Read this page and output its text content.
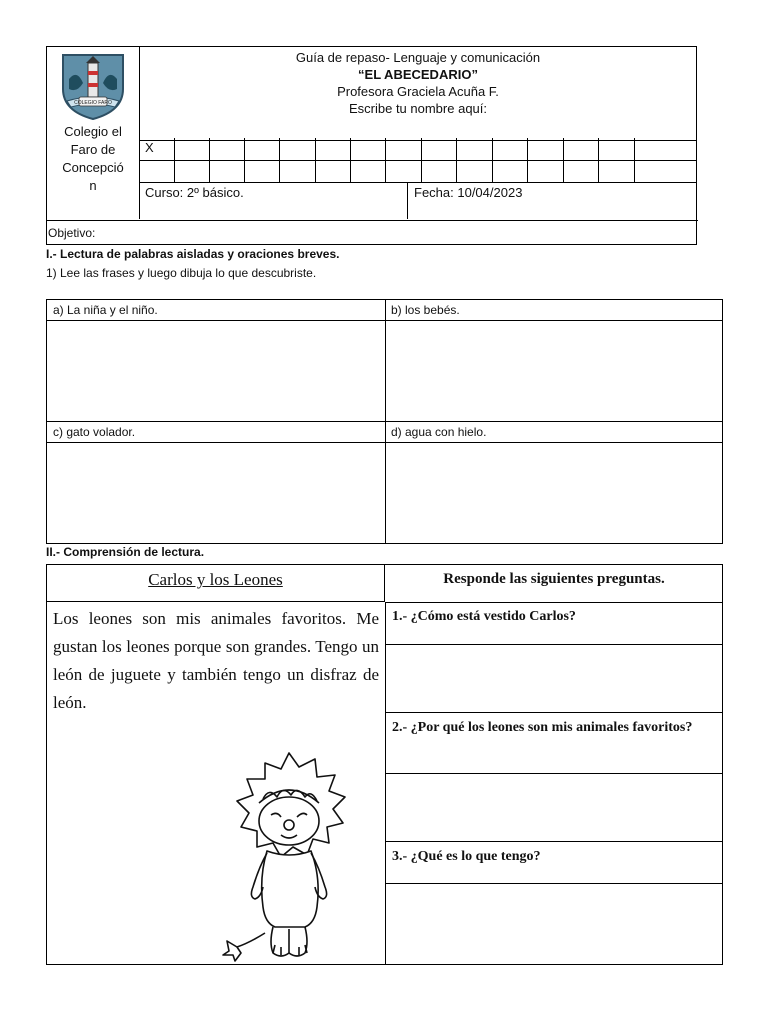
COLEGIO FARO
Colegio el
Faro de
Concepció
n
Guía de repaso- Lenguaje y comunicación
“EL ABECEDARIO”
Profesora Graciela Acuña F.
Escribe tu nombre aquí:
X
Curso: 2º básico.	Fecha: 10/04/2023
Objetivo:
I.- Lectura de palabras aisladas y oraciones breves.
1) Lee las frases y luego dibuja lo que descubriste.
a) La niña y el niño.	b) los bebés.
c) gato volador.	d) agua con hielo.
II.- Comprensión de lectura.
Carlos y los Leones
Los leones son mis animales favoritos. Me gustan los leones porque son grandes. Tengo un león de juguete y también tengo un disfraz de león.
Responde las siguientes preguntas.
1.- ¿Cómo está vestido Carlos?
2.- ¿Por qué los leones son mis animales favoritos?
3.- ¿Qué es lo que tengo?
